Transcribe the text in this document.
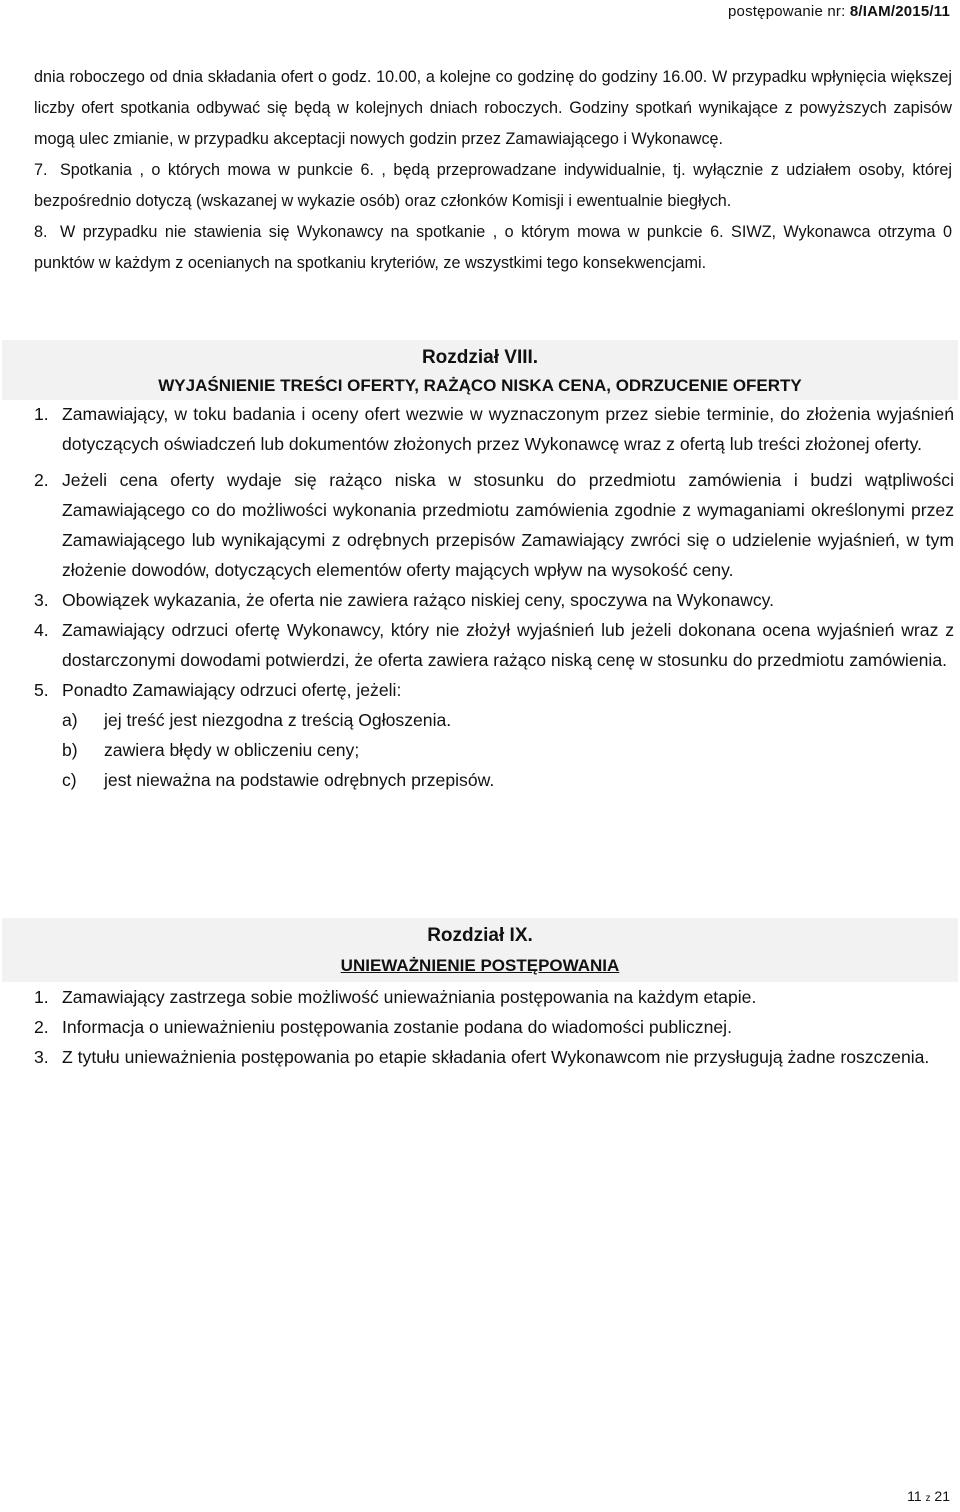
postępowanie nr: 8/IAM/2015/11

dnia roboczego od dnia składania ofert o godz. 10.00, a kolejne co godzinę do godziny 16.00. W przypadku wpłynięcia większej liczby ofert spotkania odbywać się będą w kolejnych dniach roboczych. Godziny spotkań wynikające z powyższych zapisów mogą ulec zmianie, w przypadku akceptacji nowych godzin przez Zamawiającego i Wykonawcę.

7. Spotkania , o których mowa w punkcie 6. , będą przeprowadzane indywidualnie, tj. wyłącznie z udziałem osoby, której bezpośrednio dotyczą (wskazanej w wykazie osób) oraz członków Komisji i ewentualnie biegłych.

8. W przypadku nie stawienia się Wykonawcy na spotkanie , o którym mowa w punkcie 6. SIWZ, Wykonawca otrzyma 0 punktów w każdym z ocenianych na spotkaniu kryteriów, ze wszystkimi tego konsekwencjami.

Rozdział VIII.
WYJAŚNIENIE TREŚCI OFERTY, RAŻĄCO NISKA CENA, ODRZUCENIE OFERTY
1. Zamawiający, w toku badania i oceny ofert wezwie w wyznaczonym przez siebie terminie, do złożenia wyjaśnień dotyczących oświadczeń lub dokumentów złożonych przez Wykonawcę wraz z ofertą lub treści złożonej oferty.
2. Jeżeli cena oferty wydaje się rażąco niska w stosunku do przedmiotu zamówienia i budzi wątpliwości Zamawiającego co do możliwości wykonania przedmiotu zamówienia zgodnie z wymaganiami określonymi przez Zamawiającego lub wynikającymi z odrębnych przepisów Zamawiający zwróci się o udzielenie wyjaśnień, w tym złożenie dowodów, dotyczących elementów oferty mających wpływ na wysokość ceny.
3. Obowiązek wykazania, że oferta nie zawiera rażąco niskiej ceny, spoczywa na Wykonawcy.
4. Zamawiający odrzuci ofertę Wykonawcy, który nie złożył wyjaśnień lub jeżeli dokonana ocena wyjaśnień wraz z dostarczonymi dowodami potwierdzi, że oferta zawiera rażąco niską cenę w stosunku do przedmiotu zamówienia.
5. Ponadto Zamawiający odrzuci ofertę, jeżeli:
a) jej treść jest niezgodna z treścią Ogłoszenia.
b) zawiera błędy w obliczeniu ceny;
c) jest nieważna na podstawie odrębnych przepisów.
Rozdział IX.
UNIEWAŻNIENIE POSTĘPOWANIA
1. Zamawiający zastrzega sobie możliwość unieważniania postępowania na każdym etapie.
2. Informacja o unieważnieniu postępowania zostanie podana do wiadomości publicznej.
3. Z tytułu unieważnienia postępowania po etapie składania ofert Wykonawcom nie przysługują żadne roszczenia.
11 z 21
